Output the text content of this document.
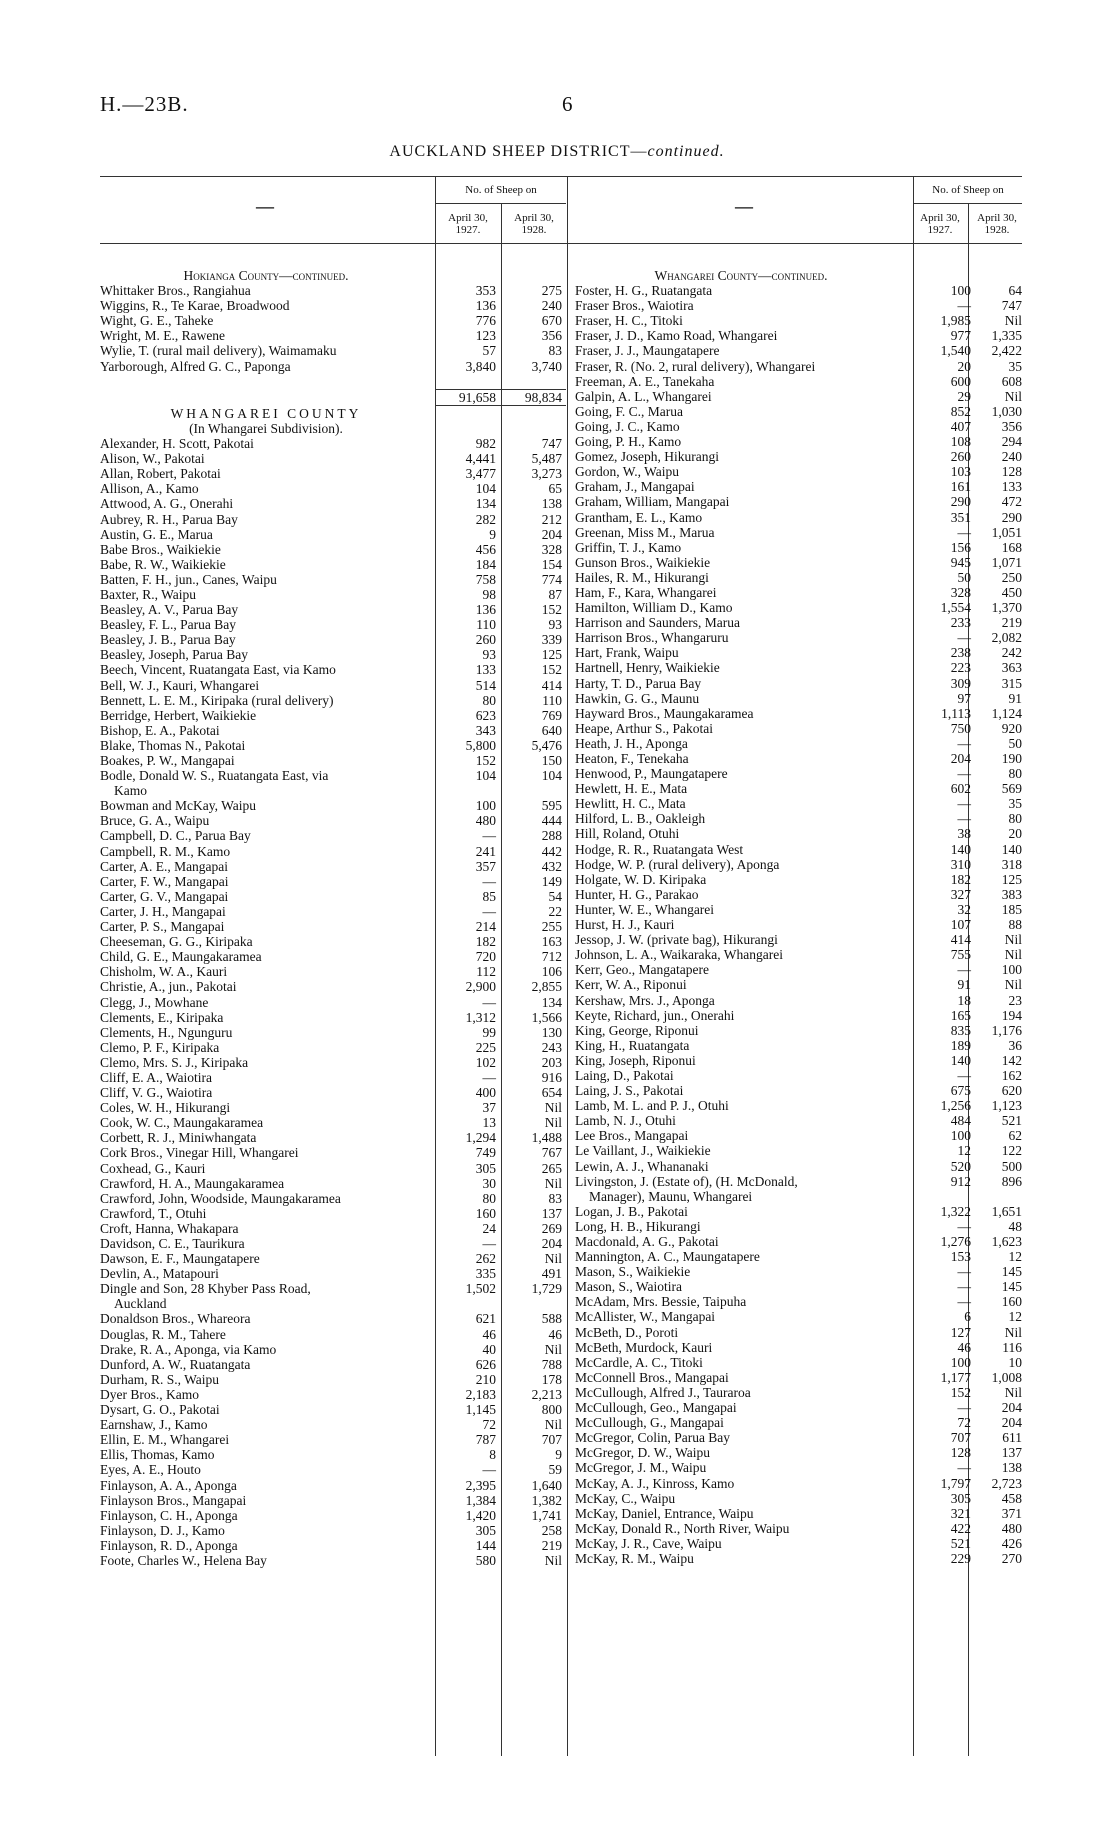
H.—23B.	6
AUCKLAND SHEEP DISTRICT—continued.
—
No. of Sheep on
April 30, 1927.
April 30, 1928.
—
No. of Sheep on
April 30, 1927.
April 30, 1928.
Hokianga County—continued.
Whittaker Bros., Rangiahua	353	275
Wiggins, R., Te Karae, Broadwood	136	240
Wight, G. E., Taheke	776	670
Wright, M. E., Rawene	123	356
Wylie, T. (rural mail delivery), Waimamaku	57	83
Yarborough, Alfred G. C., Paponga	3,840	3,740
91,658	98,834
WHANGAREI COUNTY
(In Whangarei Subdivision).
Alexander, H. Scott, Pakotai	982	747
Alison, W., Pakotai	4,441	5,487
Allan, Robert, Pakotai	3,477	3,273
Allison, A., Kamo	104	65
Attwood, A. G., Onerahi	134	138
Aubrey, R. H., Parua Bay	282	212
Austin, G. E., Marua	9	204
Babe Bros., Waikiekie	456	328
Babe, R. W., Waikiekie	184	154
Batten, F. H., jun., Canes, Waipu	758	774
Baxter, R., Waipu	98	87
Beasley, A. V., Parua Bay	136	152
Beasley, F. L., Parua Bay	110	93
Beasley, J. B., Parua Bay	260	339
Beasley, Joseph, Parua Bay	93	125
Beech, Vincent, Ruatangata East, via Kamo	133	152
Bell, W. J., Kauri, Whangarei	514	414
Bennett, L. E. M., Kiripaka (rural delivery)	80	110
Berridge, Herbert, Waikiekie	623	769
Bishop, E. A., Pakotai	343	640
Blake, Thomas N., Pakotai	5,800	5,476
Boakes, P. W., Mangapai	152	150
Bodle, Donald W. S., Ruatangata East, via	104	104
Kamo
Bowman and McKay, Waipu	100	595
Bruce, G. A., Waipu	480	444
Campbell, D. C., Parua Bay	—	288
Campbell, R. M., Kamo	241	442
Carter, A. E., Mangapai	357	432
Carter, F. W., Mangapai	—	149
Carter, G. V., Mangapai	85	54
Carter, J. H., Mangapai	—	22
Carter, P. S., Mangapai	214	255
Cheeseman, G. G., Kiripaka	182	163
Child, G. E., Maungakaramea	720	712
Chisholm, W. A., Kauri	112	106
Christie, A., jun., Pakotai	2,900	2,855
Clegg, J., Mowhane	—	134
Clements, E., Kiripaka	1,312	1,566
Clements, H., Ngunguru	99	130
Clemo, P. F., Kiripaka	225	243
Clemo, Mrs. S. J., Kiripaka	102	203
Cliff, E. A., Waiotira	—	916
Cliff, V. G., Waiotira	400	654
Coles, W. H., Hikurangi	37	Nil
Cook, W. C., Maungakaramea	13	Nil
Corbett, R. J., Miniwhangata	1,294	1,488
Cork Bros., Vinegar Hill, Whangarei	749	767
Coxhead, G., Kauri	305	265
Crawford, H. A., Maungakaramea	30	Nil
Crawford, John, Woodside, Maungakaramea	80	83
Crawford, T., Otuhi	160	137
Croft, Hanna, Whakapara	24	269
Davidson, C. E., Taurikura	—	204
Dawson, E. F., Maungatapere	262	Nil
Devlin, A., Matapouri	335	491
Dingle and Son, 28 Khyber Pass Road,	1,502	1,729
Auckland
Donaldson Bros., Whareora	621	588
Douglas, R. M., Tahere	46	46
Drake, R. A., Aponga, via Kamo	40	Nil
Dunford, A. W., Ruatangata	626	788
Durham, R. S., Waipu	210	178
Dyer Bros., Kamo	2,183	2,213
Dysart, G. O., Pakotai	1,145	800
Earnshaw, J., Kamo	72	Nil
Ellin, E. M., Whangarei	787	707
Ellis, Thomas, Kamo	8	9
Eyes, A. E., Houto	—	59
Finlayson, A. A., Aponga	2,395	1,640
Finlayson Bros., Mangapai	1,384	1,382
Finlayson, C. H., Aponga	1,420	1,741
Finlayson, D. J., Kamo	305	258
Finlayson, R. D., Aponga	144	219
Foote, Charles W., Helena Bay	580	Nil
Whangarei County—continued.
Foster, H. G., Ruatangata	100	64
Fraser Bros., Waiotira	—	747
Fraser, H. C., Titoki	1,985	Nil
Fraser, J. D., Kamo Road, Whangarei	977	1,335
Fraser, J. J., Maungatapere	1,540	2,422
Fraser, R. (No. 2, rural delivery), Whangarei	20	35
Freeman, A. E., Tanekaha	600	608
Galpin, A. L., Whangarei	29	Nil
Going, F. C., Marua	852	1,030
Going, J. C., Kamo	407	356
Going, P. H., Kamo	108	294
Gomez, Joseph, Hikurangi	260	240
Gordon, W., Waipu	103	128
Graham, J., Mangapai	161	133
Graham, William, Mangapai	290	472
Grantham, E. L., Kamo	351	290
Greenan, Miss M., Marua	—	1,051
Griffin, T. J., Kamo	156	168
Gunson Bros., Waikiekie	945	1,071
Hailes, R. M., Hikurangi	50	250
Ham, F., Kara, Whangarei	328	450
Hamilton, William D., Kamo	1,554	1,370
Harrison and Saunders, Marua	233	219
Harrison Bros., Whangaruru	—	2,082
Hart, Frank, Waipu	238	242
Hartnell, Henry, Waikiekie	223	363
Harty, T. D., Parua Bay	309	315
Hawkin, G. G., Maunu	97	91
Hayward Bros., Maungakaramea	1,113	1,124
Heape, Arthur S., Pakotai	750	920
Heath, J. H., Aponga	—	50
Heaton, F., Tenekaha	204	190
Henwood, P., Maungatapere	—	80
Hewlett, H. E., Mata	602	569
Hewlitt, H. C., Mata	—	35
Hilford, L. B., Oakleigh	—	80
Hill, Roland, Otuhi	38	20
Hodge, R. R., Ruatangata West	140	140
Hodge, W. P. (rural delivery), Aponga	310	318
Holgate, W. D. Kiripaka	182	125
Hunter, H. G., Parakao	327	383
Hunter, W. E., Whangarei	32	185
Hurst, H. J., Kauri	107	88
Jessop, J. W. (private bag), Hikurangi	414	Nil
Johnson, L. A., Waikaraka, Whangarei	755	Nil
Kerr, Geo., Mangatapere	—	100
Kerr, W. A., Riponui	91	Nil
Kershaw, Mrs. J., Aponga	18	23
Keyte, Richard, jun., Onerahi	165	194
King, George, Riponui	835	1,176
King, H., Ruatangata	189	36
King, Joseph, Riponui	140	142
Laing, D., Pakotai	—	162
Laing, J. S., Pakotai	675	620
Lamb, M. L. and P. J., Otuhi	1,256	1,123
Lamb, N. J., Otuhi	484	521
Lee Bros., Mangapai	100	62
Le Vaillant, J., Waikiekie	12	122
Lewin, A. J., Whananaki	520	500
Livingston, J. (Estate of), (H. McDonald,	912	896
Manager), Maunu, Whangarei
Logan, J. B., Pakotai	1,322	1,651
Long, H. B., Hikurangi	—	48
Macdonald, A. G., Pakotai	1,276	1,623
Mannington, A. C., Maungatapere	153	12
Mason, S., Waikiekie	—	145
Mason, S., Waiotira	—	145
McAdam, Mrs. Bessie, Taipuha	—	160
McAllister, W., Mangapai	6	12
McBeth, D., Poroti	127	Nil
McBeth, Murdock, Kauri	46	116
McCardle, A. C., Titoki	100	10
McConnell Bros., Mangapai	1,177	1,008
McCullough, Alfred J., Tauraroa	152	Nil
McCullough, Geo., Mangapai	—	204
McCullough, G., Mangapai	72	204
McGregor, Colin, Parua Bay	707	611
McGregor, D. W., Waipu	128	137
McGregor, J. M., Waipu	—	138
McKay, A. J., Kinross, Kamo	1,797	2,723
McKay, C., Waipu	305	458
McKay, Daniel, Entrance, Waipu	321	371
McKay, Donald R., North River, Waipu	422	480
McKay, J. R., Cave, Waipu	521	426
McKay, R. M., Waipu	229	270
